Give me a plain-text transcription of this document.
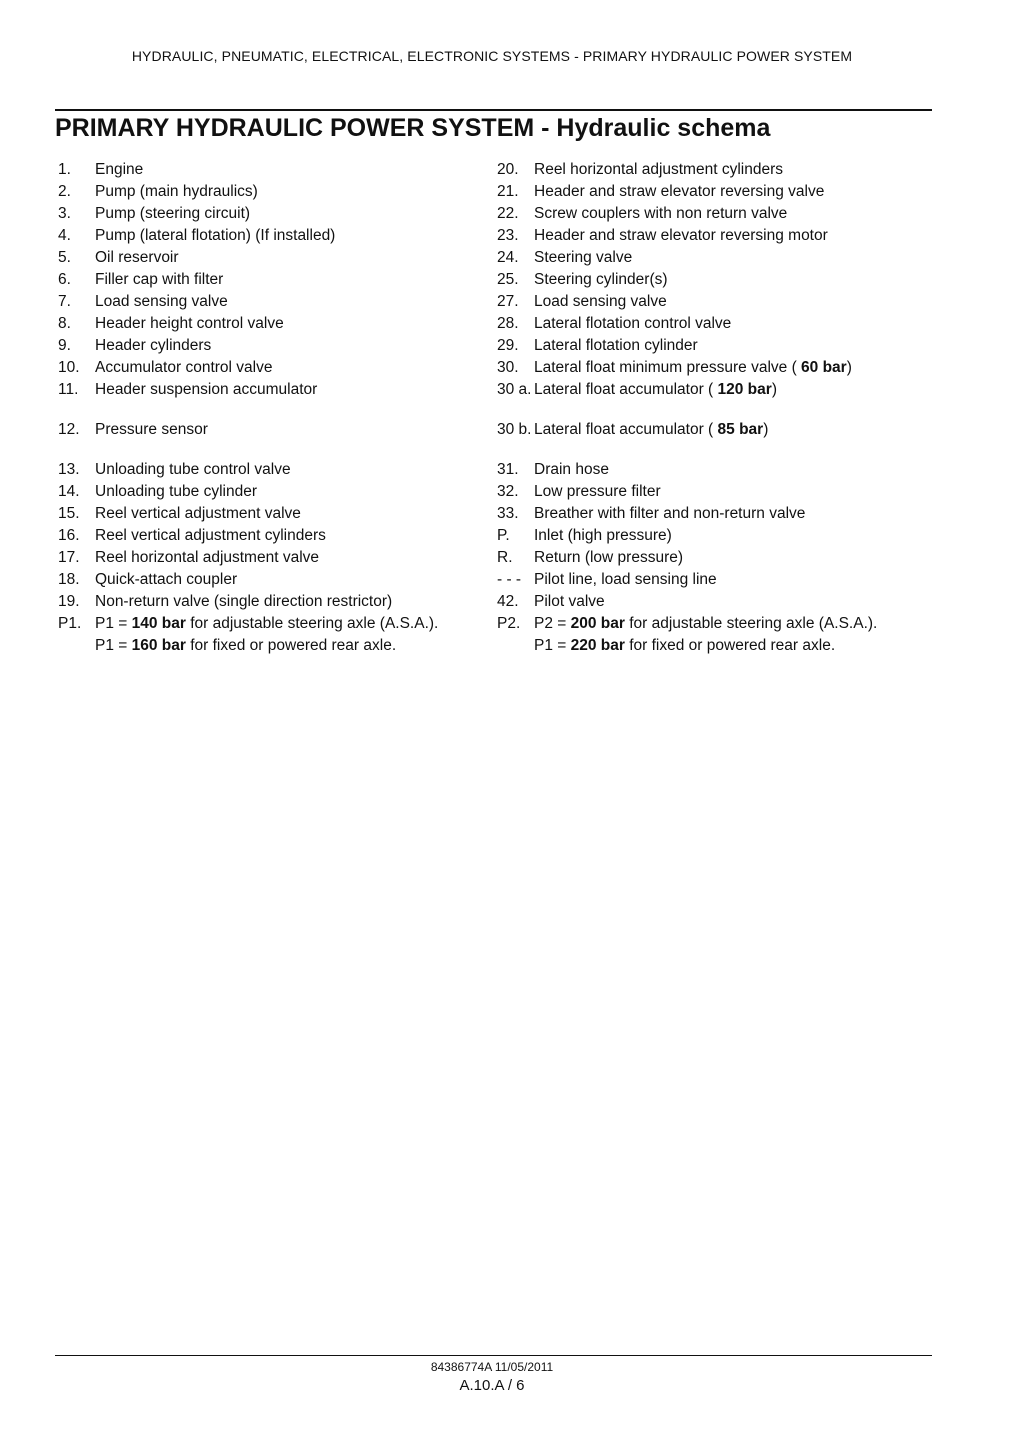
HYDRAULIC, PNEUMATIC, ELECTRICAL, ELECTRONIC SYSTEMS - PRIMARY HYDRAULIC POWER SYSTEM
PRIMARY HYDRAULIC POWER SYSTEM - Hydraulic schema
1.	Engine
2.	Pump (main hydraulics)
3.	Pump (steering circuit)
4.	Pump (lateral flotation) (If installed)
5.	Oil reservoir
6.	Filler cap with filter
7.	Load sensing valve
8.	Header height control valve
9.	Header cylinders
10. Accumulator control valve
11.	Header suspension accumulator
12. Pressure sensor
13. Unloading tube control valve
14. Unloading tube cylinder
15. Reel vertical adjustment valve
16. Reel vertical adjustment cylinders
17. Reel horizontal adjustment valve
18. Quick-attach coupler
19. Non-return valve (single direction restrictor)
P1. P1 = 140 bar for adjustable steering axle (A.S.A.).
P1 = 160 bar for fixed or powered rear axle.
20. Reel horizontal adjustment cylinders
21. Header and straw elevator reversing valve
22. Screw couplers with non return valve
23. Header and straw elevator reversing motor
24. Steering valve
25. Steering cylinder(s)
27. Load sensing valve
28. Lateral flotation control valve
29. Lateral flotation cylinder
30. Lateral float minimum pressure valve ( 60 bar)
30 a. Lateral float accumulator ( 120 bar)
30 b. Lateral float accumulator ( 85 bar)
31. Drain hose
32. Low pressure filter
33. Breather with filter and non-return valve
P.	Inlet (high pressure)
R.	Return (low pressure)
- - - Pilot line, load sensing line
42. Pilot valve
P2. P2 = 200 bar for adjustable steering axle (A.S.A.).
P1 = 220 bar for fixed or powered rear axle.
84386774A 11/05/2011
A.10.A / 6
